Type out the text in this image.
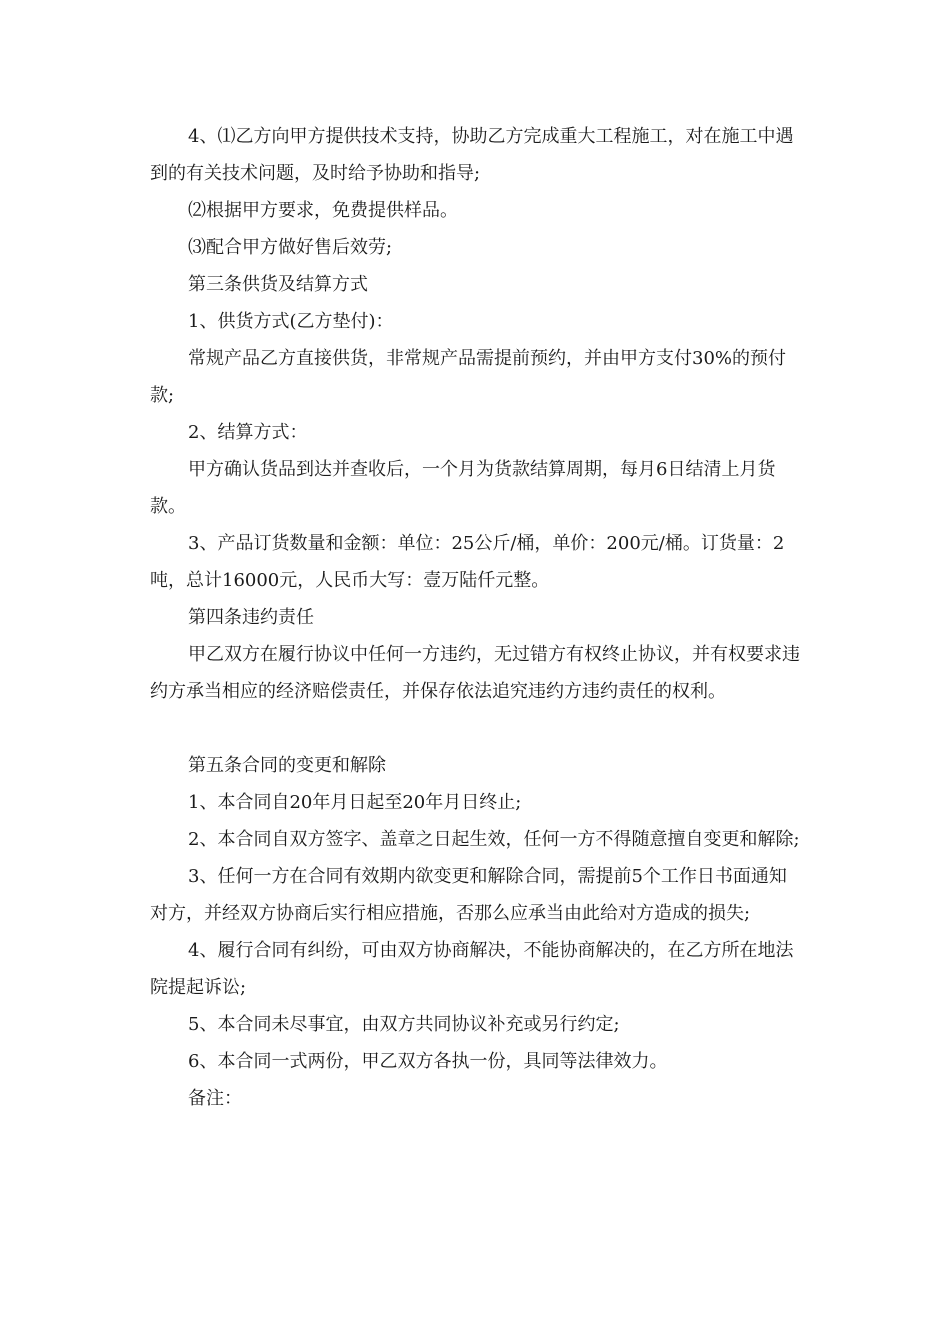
4、⑴乙方向甲方提供技术支持，协助乙方完成重大工程施工，对在施工中遇到的有关技术问题，及时给予协助和指导;

⑵根据甲方要求，免费提供样品。

⑶配合甲方做好售后效劳;

第三条供货及结算方式

1、供货方式(乙方垫付)：

常规产品乙方直接供货，非常规产品需提前预约，并由甲方支付30%的预付款;

2、结算方式：

甲方确认货品到达并查收后，一个月为货款结算周期，每月6日结清上月货款。

3、产品订货数量和金额：单位：25公斤/桶，单价：200元/桶。订货量：2吨，总计16000元，人民币大写：壹万陆仟元整。

第四条违约责任

甲乙双方在履行协议中任何一方违约，无过错方有权终止协议，并有权要求违约方承当相应的经济赔偿责任，并保存依法追究违约方违约责任的权利。

第五条合同的变更和解除

1、本合同自20年月日起至20年月日终止;

2、本合同自双方签字、盖章之日起生效，任何一方不得随意擅自变更和解除;

3、任何一方在合同有效期内欲变更和解除合同，需提前5个工作日书面通知对方，并经双方协商后实行相应措施，否那么应承当由此给对方造成的损失;

4、履行合同有纠纷，可由双方协商解决，不能协商解决的，在乙方所在地法院提起诉讼;

5、本合同未尽事宜，由双方共同协议补充或另行约定;

6、本合同一式两份，甲乙双方各执一份，具同等法律效力。

备注：
